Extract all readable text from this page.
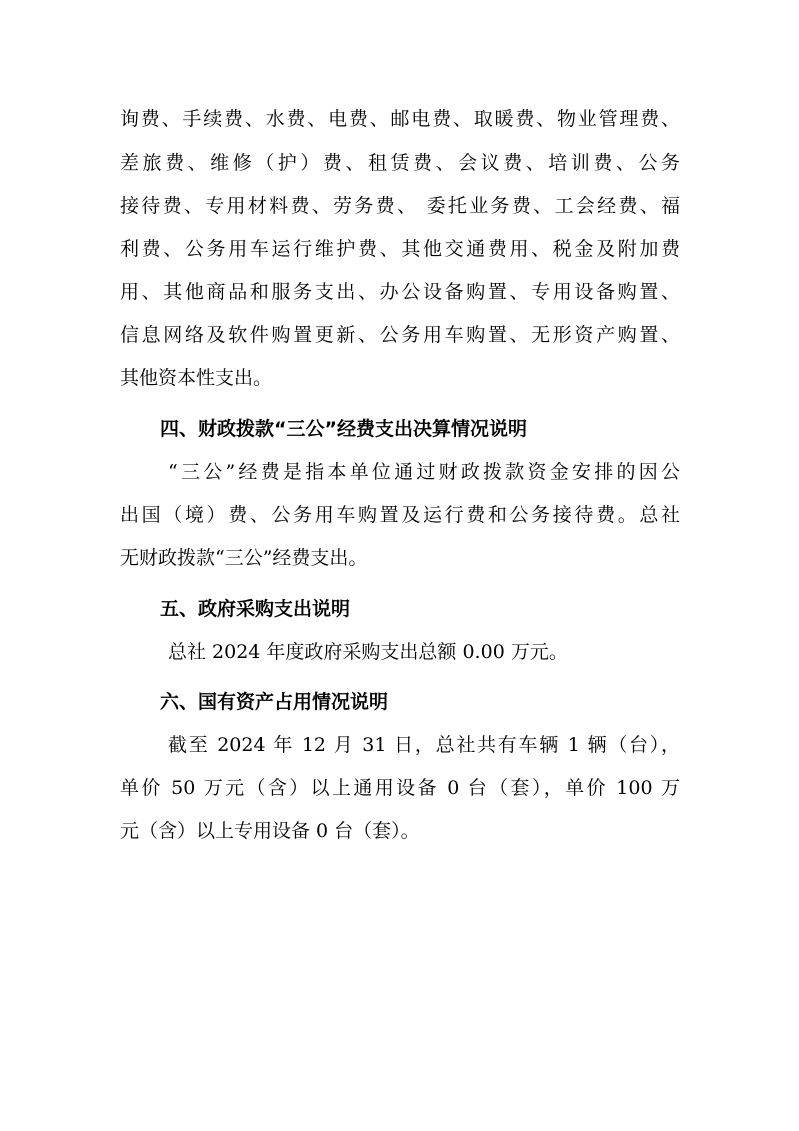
询费、手续费、水费、电费、邮电费、取暖费、物业管理费、
差旅费、维修（护）费、租赁费、会议费、培训费、公务
接待费、专用材料费、劳务费、 委托业务费、工会经费、福
利费、公务用车运行维护费、其他交通费用、税金及附加费
用、其他商品和服务支出、办公设备购置、专用设备购置、
信息网络及软件购置更新、公务用车购置、无形资产购置、
其他资本性支出。
四、财政拨款“三公”经费支出决算情况说明
“三公”经费是指本单位通过财政拨款资金安排的因公
出国（境）费、公务用车购置及运行费和公务接待费。总社
无财政拨款“三公”经费支出。
五、政府采购支出说明
总社 2024 年度政府采购支出总额 0.00 万元。
六、国有资产占用情况说明
截至 2024 年 12 月 31 日，总社共有车辆 1 辆（台），
单价 50 万元（含）以上通用设备 0 台（套），单价 100 万
元（含）以上专用设备 0 台（套）。
